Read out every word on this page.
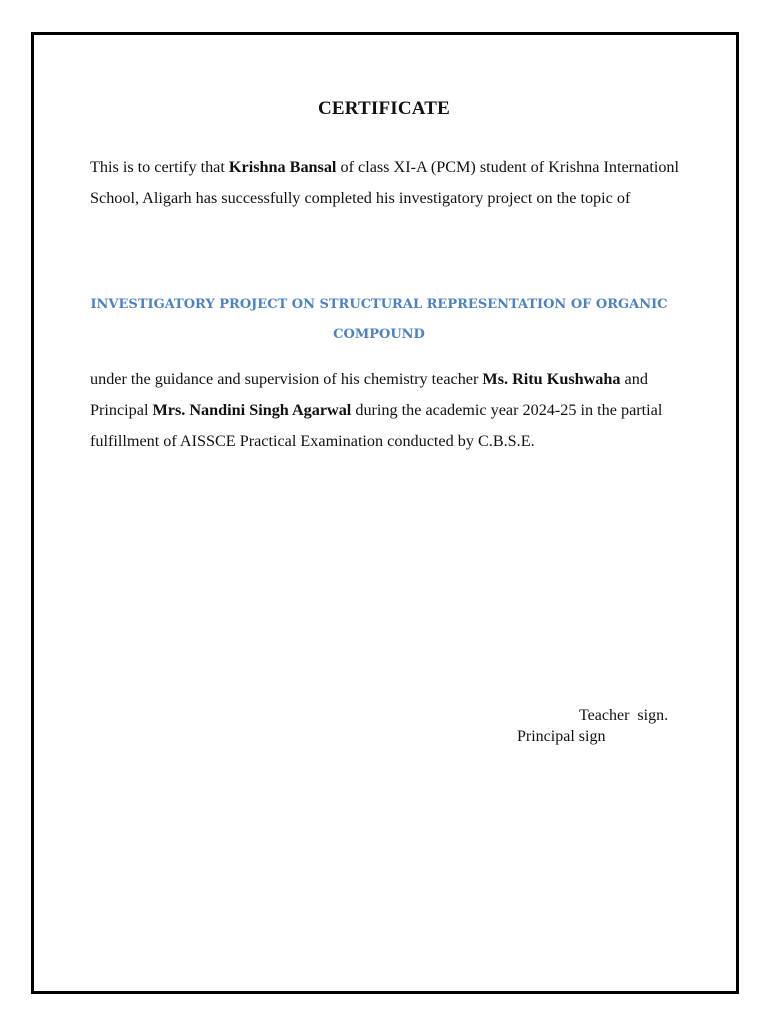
CERTIFICATE
This is to certify that Krishna Bansal of class XI-A (PCM) student of Krishna Internationl School, Aligarh has successfully completed his investigatory project on the topic of
INVESTIGATORY PROJECT ON STRUCTURAL REPRESENTATION OF ORGANIC COMPOUND
under the guidance and supervision of his chemistry teacher Ms. Ritu Kushwaha and Principal Mrs. Nandini Singh Agarwal during the academic year 2024-25 in the partial fulfillment of AISSCE Practical Examination conducted by C.B.S.E.
Teacher  sign.
Principal sign
